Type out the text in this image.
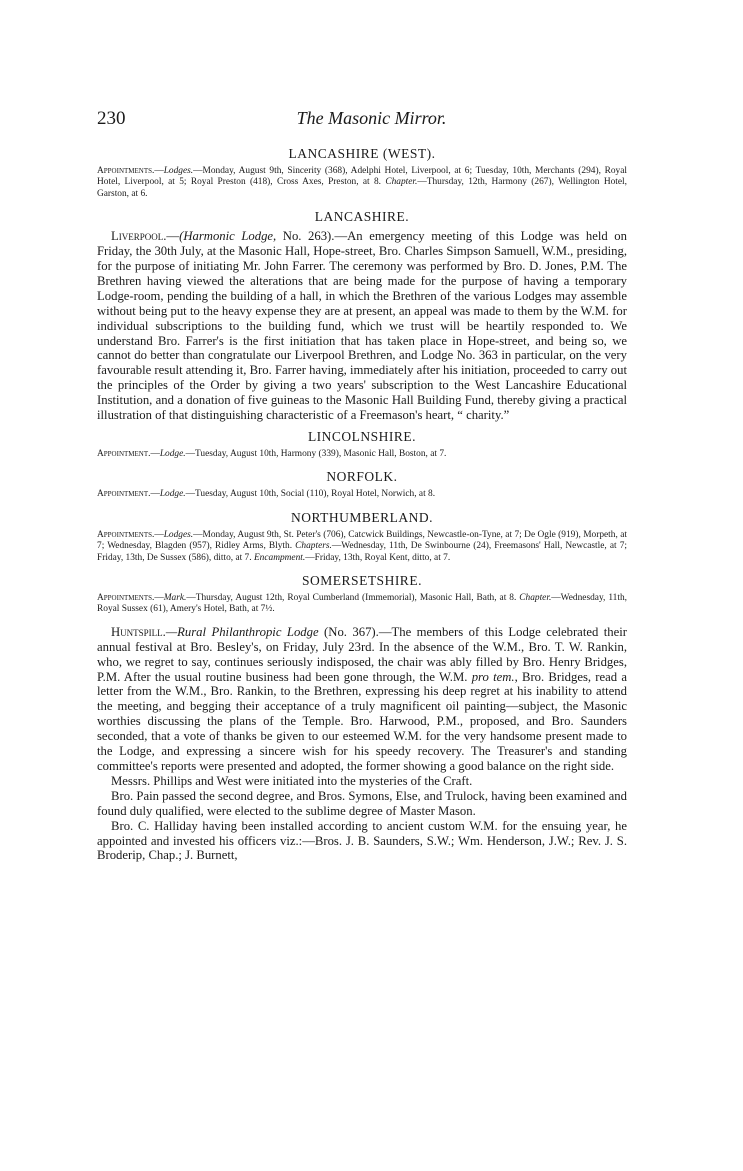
230	The Masonic Mirror.
LANCASHIRE (WEST).

Appointments.—Lodges.—Monday, August 9th, Sincerity (368), Adelphi Hotel, Liverpool, at 6; Tuesday, 10th, Merchants (294), Royal Hotel, Liverpool, at 5; Royal Preston (418), Cross Axes, Preston, at 8. Chapter.—Thursday, 12th, Harmony (267), Wellington Hotel, Garston, at 6.

LANCASHIRE.

Liverpool.—(Harmonic Lodge, No. 263).—An emergency meeting of this Lodge was held on Friday, the 30th July, at the Masonic Hall, Hope-street, Bro. Charles Simpson Samuell, W.M., presiding, for the purpose of initiating Mr. John Farrer. The ceremony was performed by Bro. D. Jones, P.M. The Brethren having viewed the alterations that are being made for the purpose of having a temporary Lodge-room, pending the building of a hall, in which the Brethren of the various Lodges may assemble without being put to the heavy expense they are at present, an appeal was made to them by the W.M. for individual subscriptions to the building fund, which we trust will be heartily responded to. We understand Bro. Farrer's is the first initiation that has taken place in Hope-street, and being so, we cannot do better than congratulate our Liverpool Brethren, and Lodge No. 363 in particular, on the very favourable result attending it, Bro. Farrer having, immediately after his initiation, proceeded to carry out the principles of the Order by giving a two years' subscription to the West Lancashire Educational Institution, and a donation of five guineas to the Masonic Hall Building Fund, thereby giving a practical illustration of that distinguishing characteristic of a Freemason's heart, “ charity.”

LINCOLNSHIRE.

Appointment.—Lodge.—Tuesday, August 10th, Harmony (339), Masonic Hall, Boston, at 7.

NORFOLK.

Appointment.—Lodge.—Tuesday, August 10th, Social (110), Royal Hotel, Norwich, at 8.

NORTHUMBERLAND.

Appointments.—Lodges.—Monday, August 9th, St. Peter's (706), Catcwick Buildings, Newcastle-on-Tyne, at 7; De Ogle (919), Morpeth, at 7; Wednesday, Blagden (957), Ridley Arms, Blyth. Chapters.—Wednesday, 11th, De Swinbourne (24), Freemasons' Hall, Newcastle, at 7; Friday, 13th, De Sussex (586), ditto, at 7. Encampment.—Friday, 13th, Royal Kent, ditto, at 7.

SOMERSETSHIRE.

Appointments.—Mark.—Thursday, August 12th, Royal Cumberland (Immemorial), Masonic Hall, Bath, at 8. Chapter.—Wednesday, 11th, Royal Sussex (61), Amery's Hotel, Bath, at 7½.

Huntspill.—Rural Philanthropic Lodge (No. 367).—The members of this Lodge celebrated their annual festival at Bro. Besley's, on Friday, July 23rd. In the absence of the W.M., Bro. T. W. Rankin, who, we regret to say, continues seriously indisposed, the chair was ably filled by Bro. Henry Bridges, P.M. After the usual routine business had been gone through, the W.M. pro tem., Bro. Bridges, read a letter from the W.M., Bro. Rankin, to the Brethren, expressing his deep regret at his inability to attend the meeting, and begging their acceptance of a truly magnificent oil painting—subject, the Masonic worthies discussing the plans of the Temple. Bro. Harwood, P.M., proposed, and Bro. Saunders seconded, that a vote of thanks be given to our esteemed W.M. for the very handsome present made to the Lodge, and expressing a sincere wish for his speedy recovery. The Treasurer's and standing committee's reports were presented and adopted, the former showing a good balance on the right side.

Messrs. Phillips and West were initiated into the mysteries of the Craft.

Bro. Pain passed the second degree, and Bros. Symons, Else, and Trulock, having been examined and found duly qualified, were elected to the sublime degree of Master Mason.

Bro. C. Halliday having been installed according to ancient custom W.M. for the ensuing year, he appointed and invested his officers viz.:—Bros. J. B. Saunders, S.W.; Wm. Henderson, J.W.; Rev. J. S. Broderip, Chap.; J. Burnett,
